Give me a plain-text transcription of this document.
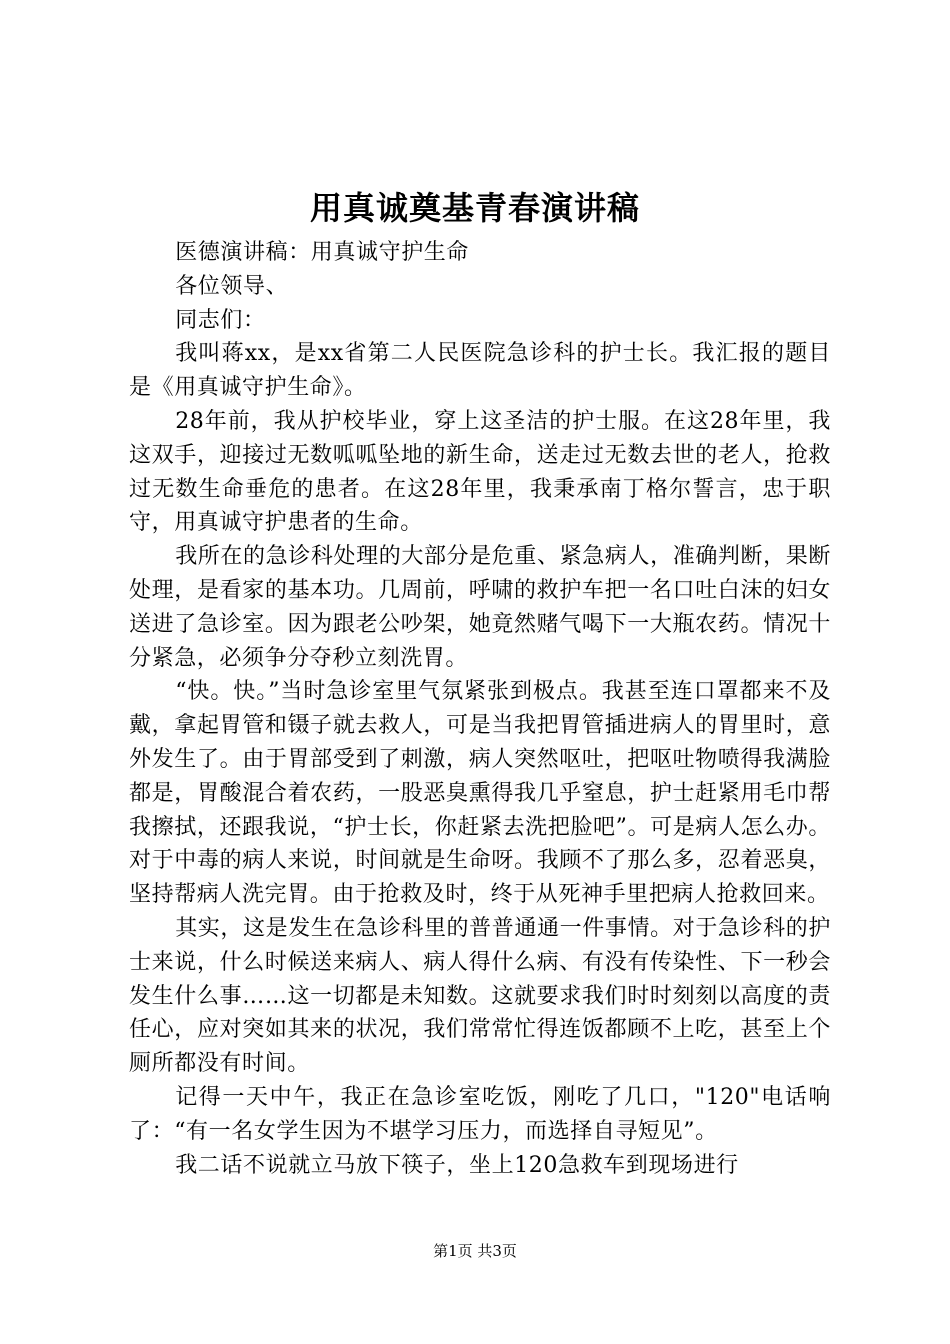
用真诚奠基青春演讲稿

医德演讲稿：用真诚守护生命

各位领导、

同志们：

我叫蒋xx，是xx省第二人民医院急诊科的护士长。我汇报的题目是《用真诚守护生命》。

28年前，我从护校毕业，穿上这圣洁的护士服。在这28年里，我这双手，迎接过无数呱呱坠地的新生命，送走过无数去世的老人，抢救过无数生命垂危的患者。在这28年里，我秉承南丁格尔誓言，忠于职守，用真诚守护患者的生命。

我所在的急诊科处理的大部分是危重、紧急病人，准确判断，果断处理，是看家的基本功。几周前，呼啸的救护车把一名口吐白沫的妇女送进了急诊室。因为跟老公吵架，她竟然赌气喝下一大瓶农药。情况十分紧急，必须争分夺秒立刻洗胃。

“快。快。”当时急诊室里气氛紧张到极点。我甚至连口罩都来不及戴，拿起胃管和镊子就去救人，可是当我把胃管插进病人的胃里时，意外发生了。由于胃部受到了刺激，病人突然呕吐，把呕吐物喷得我满脸都是，胃酸混合着农药，一股恶臭熏得我几乎窒息，护士赶紧用毛巾帮我擦拭，还跟我说，“护士长，你赶紧去洗把脸吧”。可是病人怎么办。对于中毒的病人来说，时间就是生命呀。我顾不了那么多，忍着恶臭，坚持帮病人洗完胃。由于抢救及时，终于从死神手里把病人抢救回来。

其实，这是发生在急诊科里的普普通通一件事情。对于急诊科的护士来说，什么时候送来病人、病人得什么病、有没有传染性、下一秒会发生什么事……这一切都是未知数。这就要求我们时时刻刻以高度的责任心，应对突如其来的状况，我们常常忙得连饭都顾不上吃，甚至上个厕所都没有时间。

记得一天中午，我正在急诊室吃饭，刚吃了几口，"120"电话响了：“有一名女学生因为不堪学习压力，而选择自寻短见”。

我二话不说就立马放下筷子，坐上120急救车到现场进行

第1页 共3页
